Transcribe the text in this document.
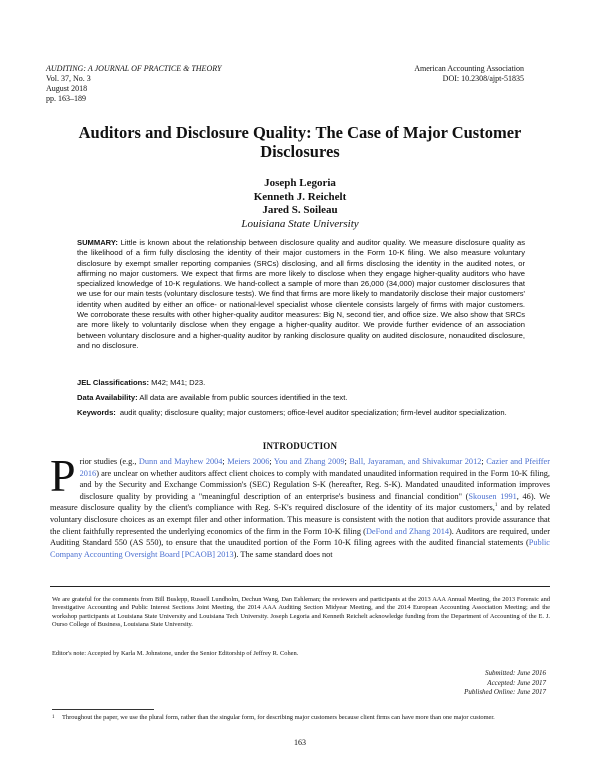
AUDITING: A JOURNAL OF PRACTICE & THEORY
Vol. 37, No. 3
August 2018
pp. 163–189
American Accounting Association
DOI: 10.2308/ajpt-51835
Auditors and Disclosure Quality: The Case of Major Customer Disclosures
Joseph Legoria
Kenneth J. Reichelt
Jared S. Soileau
Louisiana State University
SUMMARY: Little is known about the relationship between disclosure quality and auditor quality. We measure disclosure quality as the likelihood of a firm fully disclosing the identity of their major customers in the Form 10-K filing. We also measure voluntary disclosure by exempt smaller reporting companies (SRCs) disclosing, and all firms disclosing the identity in the audited notes, or affirming no major customers. We expect that firms are more likely to disclose when they engage higher-quality auditors who have specialized knowledge of 10-K regulations. We hand-collect a sample of more than 26,000 (34,000) major customer disclosures that we use for our main tests (voluntary disclosure tests). We find that firms are more likely to mandatorily disclose their major customers' identity when audited by either an office- or national-level specialist whose clientele consists largely of firms with major customers. We corroborate these results with other higher-quality auditor measures: Big N, second tier, and office size. We also show that SRCs are more likely to voluntarily disclose when they engage a higher-quality auditor. We provide further evidence of an association between voluntary disclosure and a higher-quality auditor by ranking disclosure quality on audited disclosure, nonaudited disclosure, and no disclosure.
JEL Classifications: M42; M41; D23.
Data Availability: All data are available from public sources identified in the text.
Keywords: audit quality; disclosure quality; major customers; office-level auditor specialization; firm-level auditor specialization.
INTRODUCTION
Prior studies (e.g., Dunn and Mayhew 2004; Meiers 2006; You and Zhang 2009; Ball, Jayaraman, and Shivakumar 2012; Cazier and Pfeiffer 2016) are unclear on whether auditors affect client choices to comply with mandated unaudited information required in the Form 10-K filing, and by the Security and Exchange Commission's (SEC) Regulation S-K (hereafter, Reg. S-K). Mandated unaudited information improves disclosure quality by providing a "meaningful description of an enterprise's business and financial condition" (Skousen 1991, 46). We measure disclosure quality by the client's compliance with Reg. S-K's required disclosure of the identity of its major customers,$^1$ and by related voluntary disclosure choices as an exempt filer and other information. This measure is consistent with the notion that auditors provide assurance that the client faithfully represented the underlying economics of the firm in the Form 10-K filing (DeFond and Zhang 2014). Auditors are required, under Auditing Standard 550 (AS 550), to ensure that the unaudited portion of the Form 10-K filing agrees with the audited financial statements (Public Company Accounting Oversight Board [PCAOB] 2013). The same standard does not
We are grateful for the comments from Bill Buslepp, Russell Lundholm, Dechun Wang, Dan Eshleman; the reviewers and participants at the 2013 AAA Annual Meeting, the 2013 Forensic and Investigative Accounting and Public Interest Sections Joint Meeting, the 2014 AAA Auditing Section Midyear Meeting, and the 2014 European Accounting Association Meeting; and the workshop participants at Louisiana State University and Louisiana Tech University. Joseph Legoria and Kenneth Reichelt acknowledge funding from the Department of Accounting of the E. J. Ourso College of Business, Louisiana State University.
Editor's note: Accepted by Karla M. Johnstone, under the Senior Editorship of Jeffrey R. Cohen.
Submitted: June 2016
Accepted: June 2017
Published Online: June 2017
1	Throughout the paper, we use the plural form, rather than the singular form, for describing major customers because client firms can have more than one major customer.
163
